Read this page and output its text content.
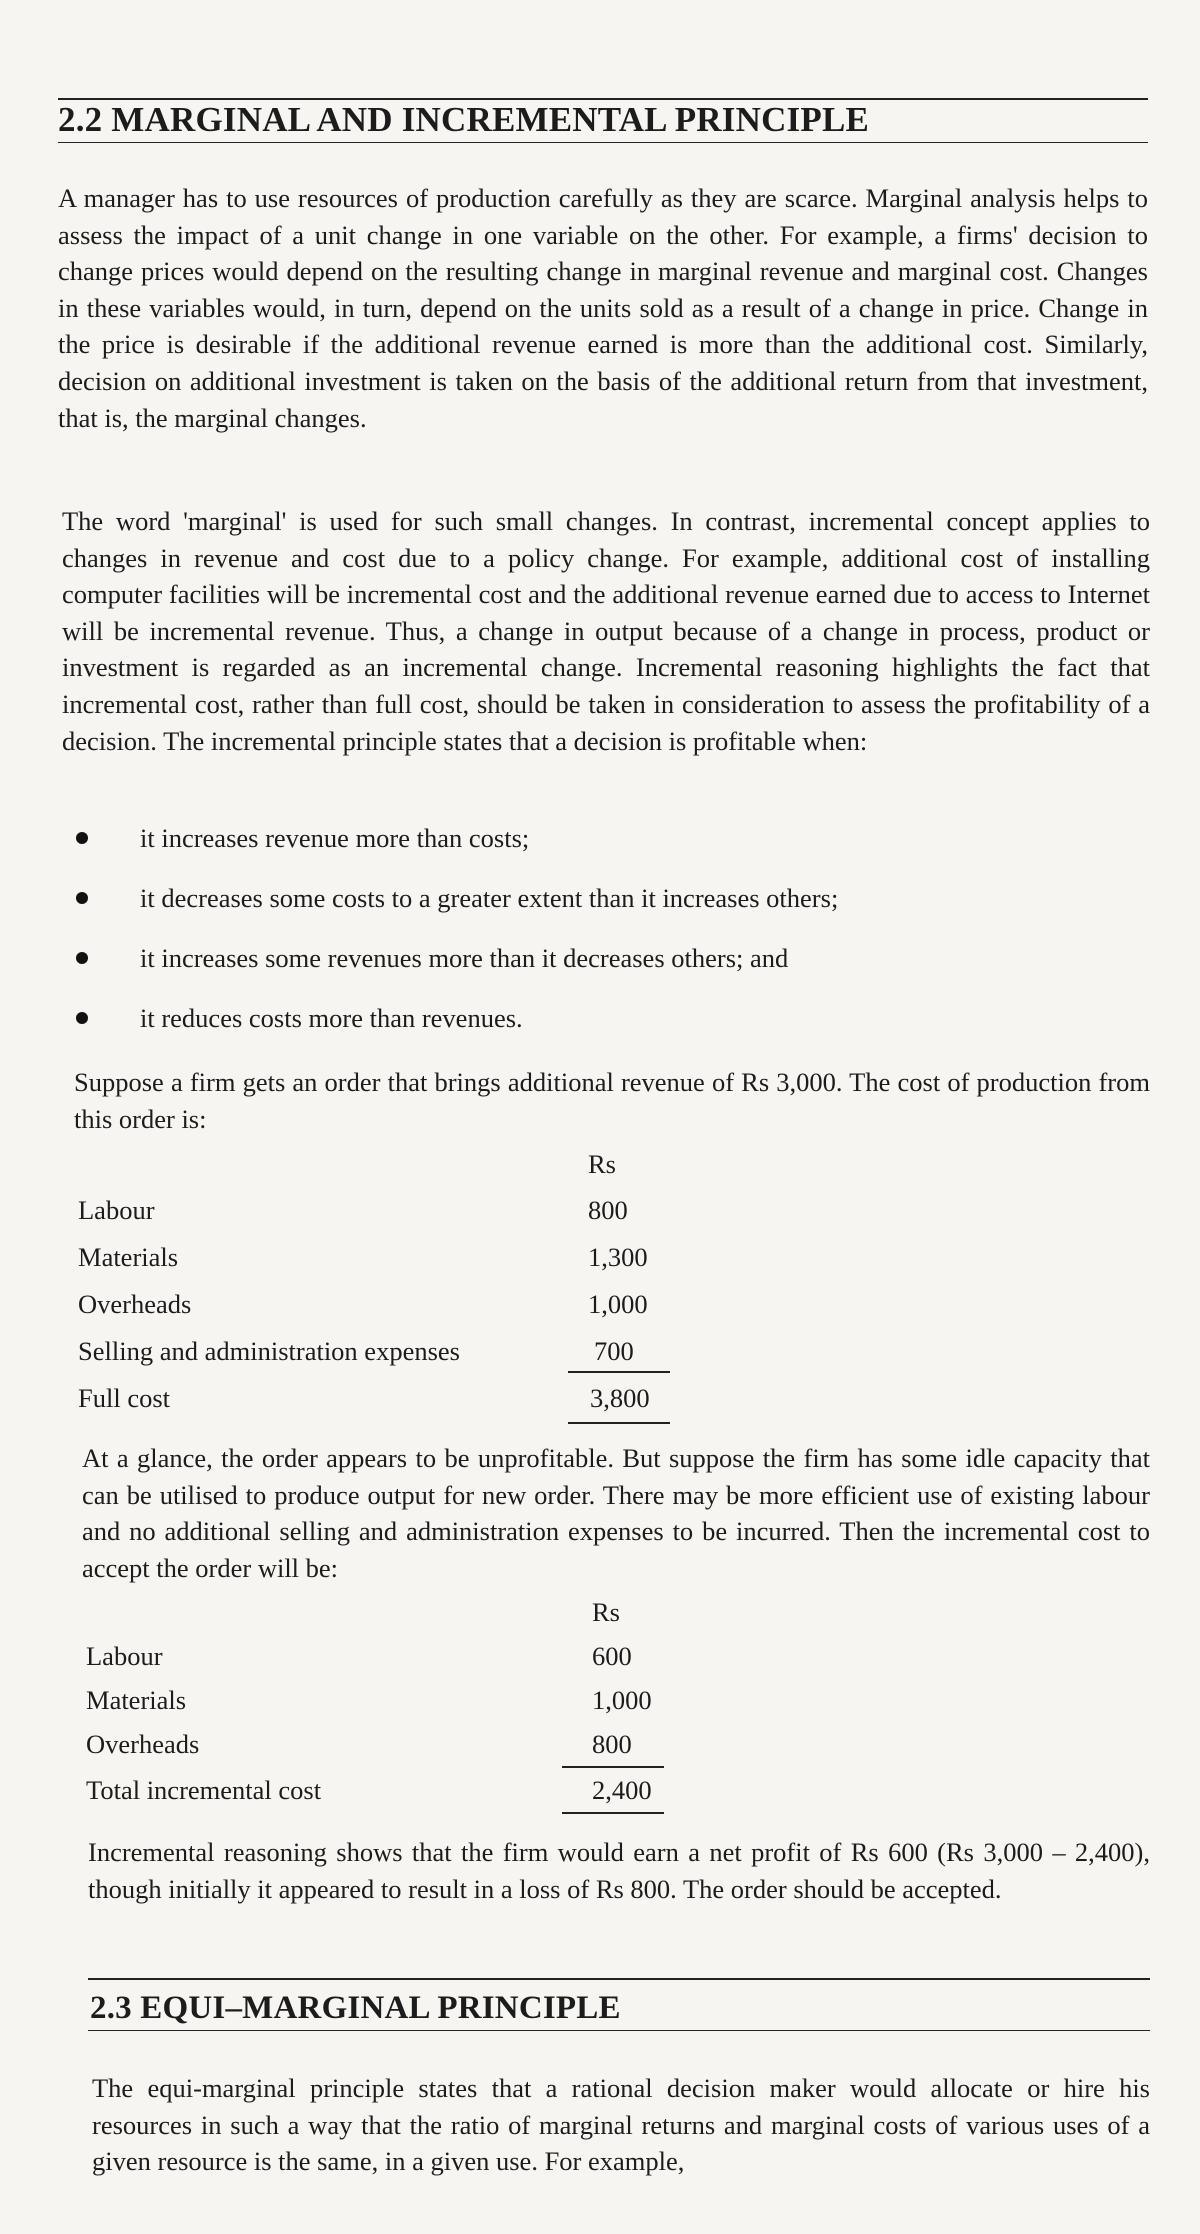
2.2 MARGINAL AND INCREMENTAL PRINCIPLE

A manager has to use resources of production carefully as they are scarce. Marginal analysis helps to assess the impact of a unit change in one variable on the other. For example, a firms' decision to change prices would depend on the resulting change in marginal revenue and marginal cost. Changes in these variables would, in turn, depend on the units sold as a result of a change in price. Change in the price is desirable if the additional revenue earned is more than the additional cost. Similarly, decision on additional investment is taken on the basis of the additional return from that investment, that is, the marginal changes.

The word 'marginal' is used for such small changes. In contrast, incremental concept applies to changes in revenue and cost due to a policy change. For example, additional cost of installing computer facilities will be incremental cost and the additional revenue earned due to access to Internet will be incremental revenue. Thus, a change in output because of a change in process, product or investment is regarded as an incremental change. Incremental reasoning highlights the fact that incremental cost, rather than full cost, should be taken in consideration to assess the profitability of a decision. The incremental principle states that a decision is profitable when:

it increases revenue more than costs;
it decreases some costs to a greater extent than it increases others;
it increases some revenues more than it decreases others; and
it reduces costs more than revenues.

Suppose a firm gets an order that brings additional revenue of Rs 3,000. The cost of production from this order is:

Rs
Labour	800
Materials	1,300
Overheads	1,000
Selling and administration expenses	700
Full cost	3,800

At a glance, the order appears to be unprofitable. But suppose the firm has some idle capacity that can be utilised to produce output for new order. There may be more efficient use of existing labour and no additional selling and administration expenses to be incurred. Then the incremental cost to accept the order will be:

Rs
Labour	600
Materials	1,000
Overheads	800
Total incremental cost	2,400

Incremental reasoning shows that the firm would earn a net profit of Rs 600 (Rs 3,000 – 2,400), though initially it appeared to result in a loss of Rs 800. The order should be accepted.

2.3 EQUI–MARGINAL PRINCIPLE

The equi-marginal principle states that a rational decision maker would allocate or hire his resources in such a way that the ratio of marginal returns and marginal costs of various uses of a given resource is the same, in a given use. For example,
